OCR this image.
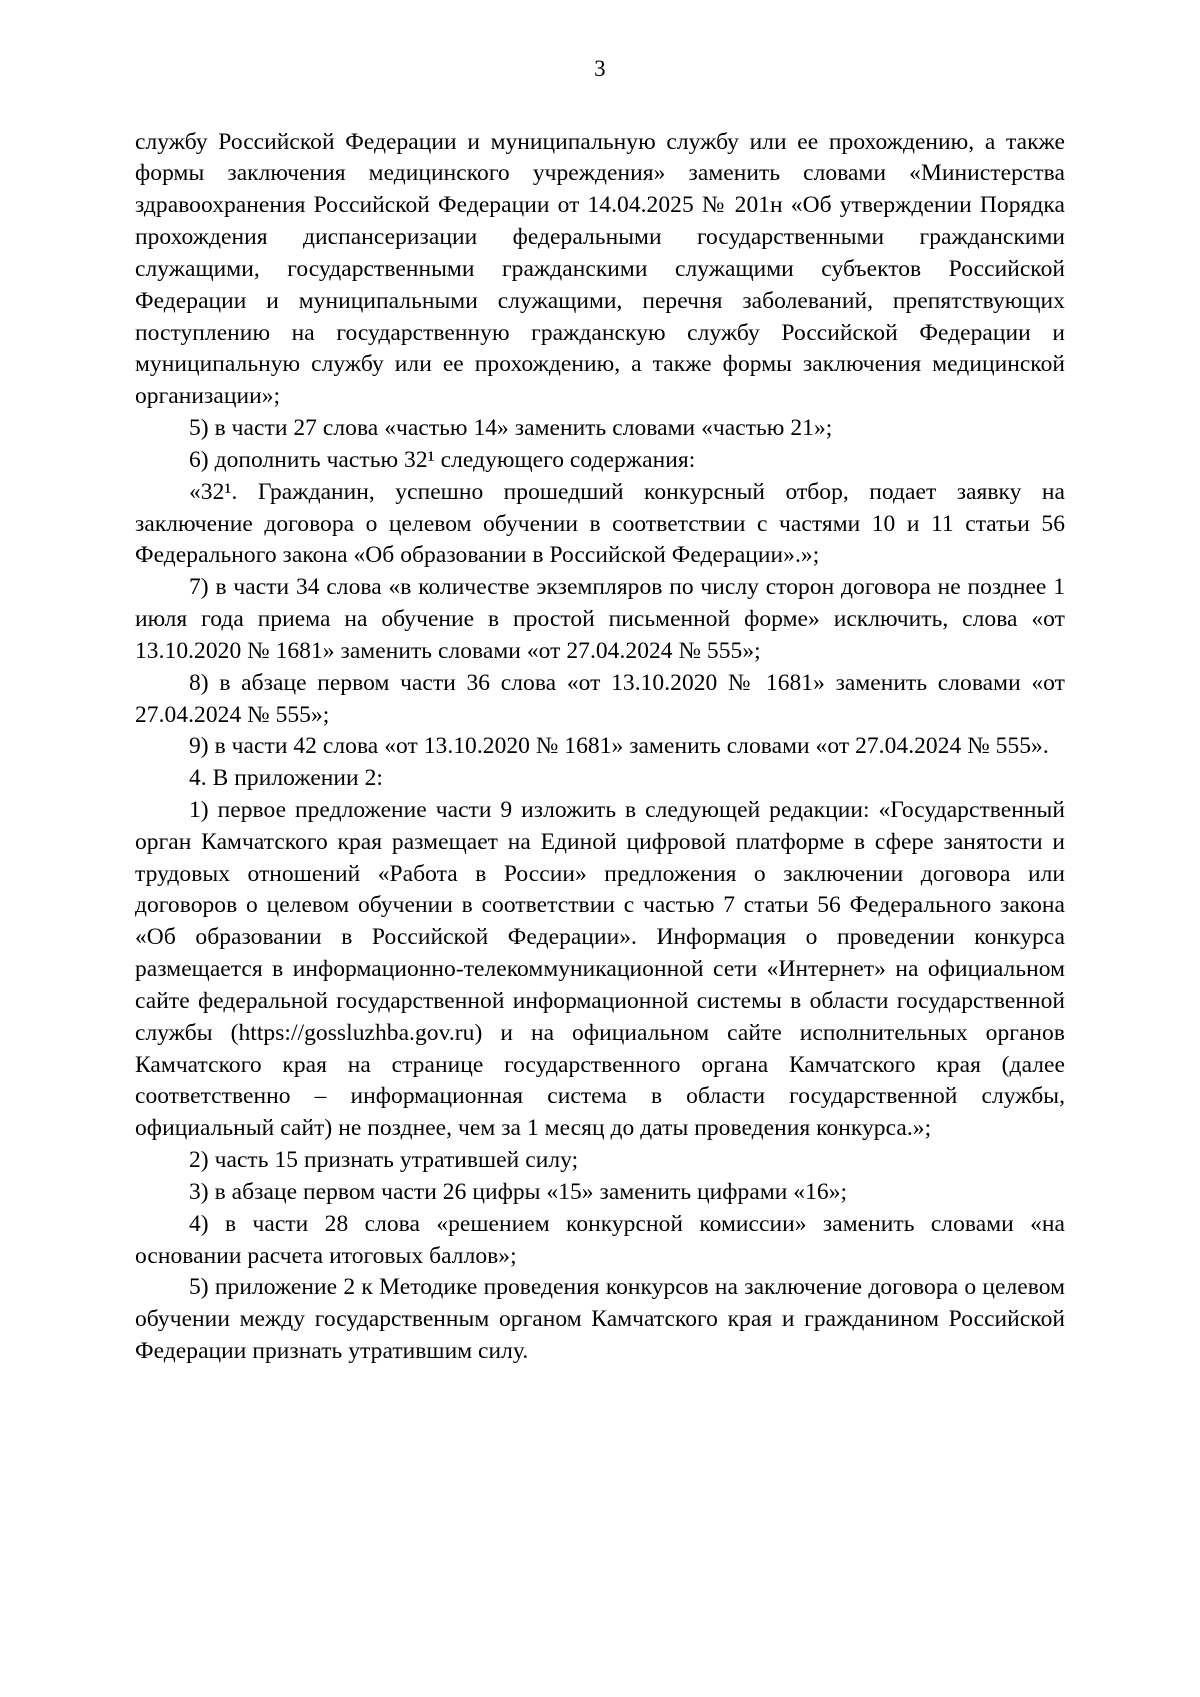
3

службу Российской Федерации и муниципальную службу или ее прохождению, а также формы заключения медицинского учреждения» заменить словами «Министерства здравоохранения Российской Федерации от 14.04.2025 № 201н «Об утверждении Порядка прохождения диспансеризации федеральными государственными гражданскими служащими, государственными гражданскими служащими субъектов Российской Федерации и муниципальными служащими, перечня заболеваний, препятствующих поступлению на государственную гражданскую службу Российской Федерации и муниципальную службу или ее прохождению, а также формы заключения медицинской организации»;

5) в части 27 слова «частью 14» заменить словами «частью 21»;

6) дополнить частью 32¹ следующего содержания:

«32¹. Гражданин, успешно прошедший конкурсный отбор, подает заявку на заключение договора о целевом обучении в соответствии с частями 10 и 11 статьи 56 Федерального закона «Об образовании в Российской Федерации».»;

7) в части 34 слова «в количестве экземпляров по числу сторон договора не позднее 1 июля года приема на обучение в простой письменной форме» исключить, слова «от 13.10.2020 № 1681» заменить словами «от 27.04.2024 № 555»;

8) в абзаце первом части 36 слова «от 13.10.2020 № 1681» заменить словами «от 27.04.2024 № 555»;

9) в части 42 слова «от 13.10.2020 № 1681» заменить словами «от 27.04.2024 № 555».

4. В приложении 2:

1) первое предложение части 9 изложить в следующей редакции: «Государственный орган Камчатского края размещает на Единой цифровой платформе в сфере занятости и трудовых отношений «Работа в России» предложения о заключении договора или договоров о целевом обучении в соответствии с частью 7 статьи 56 Федерального закона «Об образовании в Российской Федерации». Информация о проведении конкурса размещается в информационно-телекоммуникационной сети «Интернет» на официальном сайте федеральной государственной информационной системы в области государственной службы (https://gossluzhba.gov.ru) и на официальном сайте исполнительных органов Камчатского края на странице государственного органа Камчатского края (далее соответственно – информационная система в области государственной службы, официальный сайт) не позднее, чем за 1 месяц до даты проведения конкурса.»;

2) часть 15 признать утратившей силу;

3) в абзаце первом части 26 цифры «15» заменить цифрами «16»;

4) в части 28 слова «решением конкурсной комиссии» заменить словами «на основании расчета итоговых баллов»;

5) приложение 2 к Методике проведения конкурсов на заключение договора о целевом обучении между государственным органом Камчатского края и гражданином Российской Федерации признать утратившим силу.
